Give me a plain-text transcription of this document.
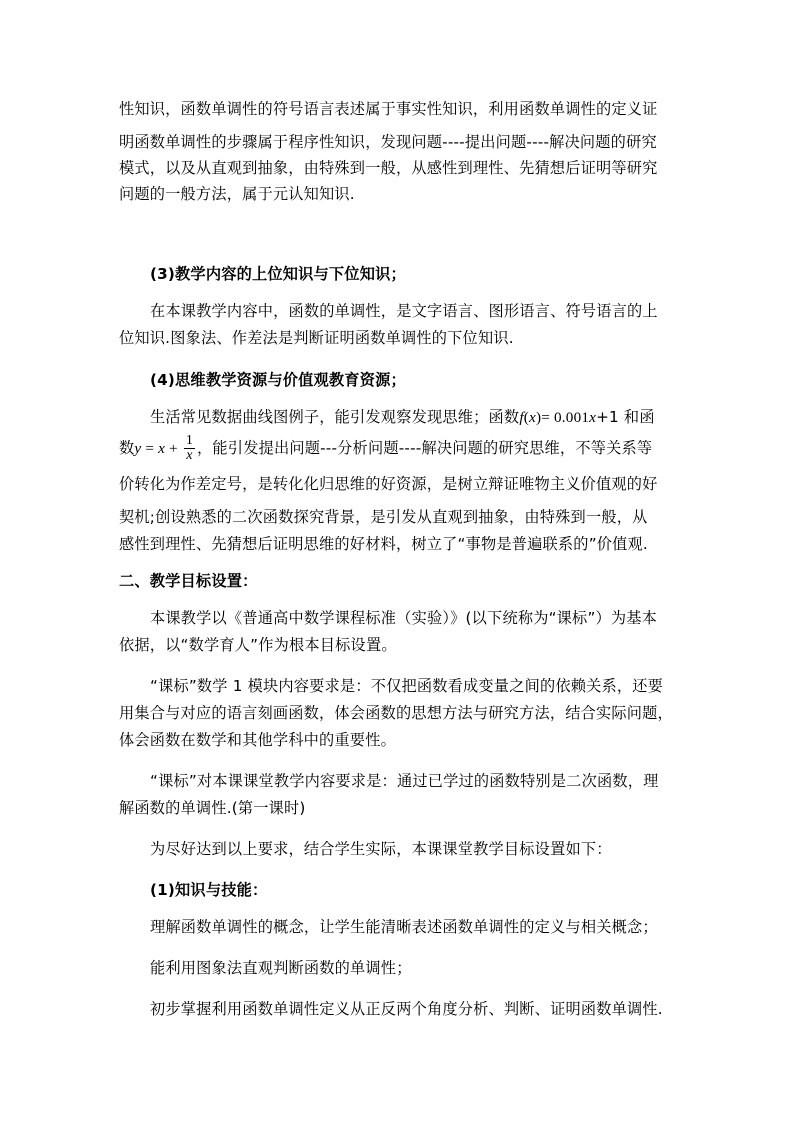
性知识，函数单调性的符号语言表述属于事实性知识，利用函数单调性的定义证
明函数单调性的步骤属于程序性知识，发现问题----提出问题----解决问题的研究
模式，以及从直观到抽象，由特殊到一般，从感性到理性、先猜想后证明等研究
问题的一般方法，属于元认知知识.
(3)教学内容的上位知识与下位知识；
在本课教学内容中，函数的单调性，是文字语言、图形语言、符号语言的上
位知识.图象法、作差法是判断证明函数单调性的下位知识.
(4)思维教学资源与价值观教育资源；
生活常见数据曲线图例子，能引发观察发现思维；函数f(x)= 0.001x+1 和函
数$y = x + \frac{1}{x}$ ，能引发提出问题---分析问题----解决问题的研究思维，不等关系等
价转化为作差定号，是转化化归思维的好资源，是树立辩证唯物主义价值观的好
契机;创设熟悉的二次函数探究背景，是引发从直观到抽象，由特殊到一般，从
感性到理性、先猜想后证明思维的好材料，树立了“事物是普遍联系的”价值观.
二、教学目标设置：
本课教学以《普通高中数学课程标准（实验）》(以下统称为“课标”）为基本
依据，以“数学育人”作为根本目标设置。
“课标”数学 1 模块内容要求是：不仅把函数看成变量之间的依赖关系，还要
用集合与对应的语言刻画函数，体会函数的思想方法与研究方法，结合实际问题，
体会函数在数学和其他学科中的重要性。
“课标”对本课课堂教学内容要求是：通过已学过的函数特别是二次函数，理
解函数的单调性.(第一课时)
为尽好达到以上要求，结合学生实际，本课课堂教学目标设置如下：
(1)知识与技能：
理解函数单调性的概念，让学生能清晰表述函数单调性的定义与相关概念；
能利用图象法直观判断函数的单调性；
初步掌握利用函数单调性定义从正反两个角度分析、判断、证明函数单调性.
